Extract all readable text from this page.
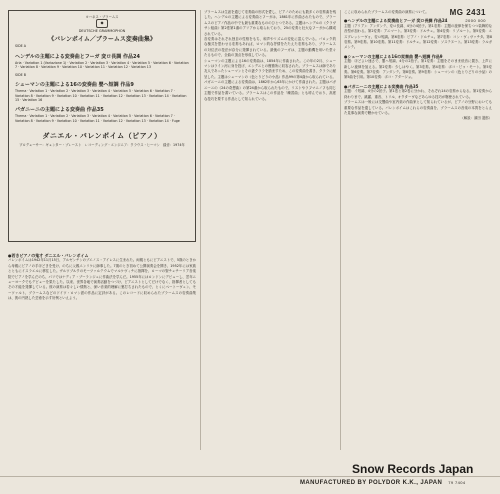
MG 2431
2000 000
ヨハネス・ブラームス
◆
DEUTSCHE GRAMMOPHON
《バレンボイム／ブラームス変奏曲集》
SIDE A
ヘンデルの主題による変奏曲とフーガ 変ロ長調 作品24
Aria · Variation 1 (Variazione 1) · Variation 2 · Variation 3 · Variation 4 · Variation 5 · Variation 6 · Variation 7 · Variation 8 · Variation 9 · Variation 10 · Variation 11 · Variation 12 · Variation 13
SIDE B
シューマンの主題による16の変奏曲 嬰ヘ短調 作品9
Thema · Variation 1 · Variation 2 · Variation 3 · Variation 4 · Variation 5 · Variation 6 · Variation 7 · Variation 8 · Variation 9 · Variation 10 · Variation 11 · Variation 12 · Variation 13 · Variation 14 · Variation 15 · Variation 16
パガニーニの主題による変奏曲 作品35
Thema · Variation 1 · Variation 2 · Variation 3 · Variation 4 · Variation 5 · Variation 6 · Variation 7 · Variation 8 · Variation 9 · Variation 10 · Variation 11 · Variation 12 · Variation 13 · Variation 14 · Fuge
ダニエル・バレンボイム（ピアノ）
プロデューサー：ギュンター・ブレースト　レコーディング・エンジニア：クラウス・ヒーマン　録音：1974年

●若きピアノの鬼才 ダニエル・バレンボイム

バレンボイムは1942年11月15日、アルゼンチンのブエノス・アイレスに生まれた。両親ともにピアニストで、5歳のときから母親にピアノの手ほどきを受け、のちに父親エンリケに師事した。7歳のとき初めて公開演奏会を開き、1952年には家族とともにイスラエルに移住した。ザルツブルクのモーツァルテウムでマルケヴィチに指揮を、ローマの聖チェチーリア音楽院でピアノを学んだのち、パリではナディア・ブーランジェに作曲法を学んだ。1955年にはロンドンにデビューし、翌年ニューヨークでもデビューを果たした。以来、世界各地で演奏活動をつづけ、ピアニストとしてだけでなく、指揮者としてもその才能を発揮している。彼の演奏は若々しい情熱と、深い音楽的理解に裏打ちされたもので、とくにベートーヴェン、モーツァルト、ブラームスなどのドイツ・ロマン派の作品に定評がある。このレコードに収められたブラームスの変奏曲集は、彼の円熟した芸術を示す好例といえよう。

ブラームスは生涯を通じて変奏曲の形式を愛し、ピアノのためにも数多くの変奏曲を残した。ヘンデルの主題による変奏曲とフーガは、1861年に作曲されたもので、ブラームスのピアノ作品の中でも最も重要なもののひとつである。主題はヘンデルの《クラヴサン組曲》第2巻第1番のアリアから取られており、25の変奏と壮大なフーガから構成されている。

各変奏はそれぞれ独自の性格をもち、和声やリズムの変化に富んでいる。バロック的な様式を思わせる変奏もあれば、ロマン的な抒情をたたえた変奏もあり、ブラームスの対位法の技法が存分に発揮されている。最後のフーガは、主題の動機を用いた堂々たるもので、全曲の頂点を形成している。

シューマンの主題による16の変奏曲は、1854年に作曲された。この年の2月、シューマンはライン河に身を投げ、エンデニヒの療養所に収容された。ブラームスは師であり友人であったシューマンとその妻クララを励ますため、この変奏曲を書き、クララに献呈した。主題はシューマンの《色とりどりの小品》作品99の第4曲から取られている。

パガニーニの主題による変奏曲は、1862年から63年にかけて作曲された。主題はパガニーニの《24の奇想曲》の第24番から取られたもので、リストやラフマニノフも同じ主題で作品を書いている。ブラームスはこの作品を「練習曲」とも呼んでおり、高度な技巧を要する作品として知られている。

ここに収められたブラームスの変奏曲の演奏について。

●ヘンデルの主題による変奏曲とフーガ 変ロ長調 作品24

主題（アリア）：アンダンテ、変ロ長調、4分の4拍子。第1変奏：主題の旋律を保ちつつ装飾的な音型が加わる。第2変奏：アニマート。第3変奏：ドルチェ。第4変奏：リゾルート。第5変奏：エスプレッシーヴォ、変ロ短調。第6変奏：ピアノ・ドルチェ。第7変奏：コン・ヴィヴァチタ。第8変奏。第9変奏。第10変奏。第11変奏：ドルチェ。第12変奏：ソステヌート。第13変奏：ラルガメンテ。

●シューマンの主題による16の変奏曲 嬰ヘ短調 作品9

主題：ほどよい速さで、嬰ヘ短調、4分の2拍子。第1変奏：主題をそのまま低音に置き、上声に新しい旋律を加える。第2変奏：少しはやく。第3変奏。第4変奏：ポコ・ピゥ・モート。第5変奏。第6変奏。第7変奏：アンダンテ。第8変奏。第9変奏：シューマンの《色とりどりの小品》の第5曲を引用。第10変奏：ポコ・アダージョ。

●パガニーニの主題による変奏曲 作品35

主題：イ短調、4分の2拍子。第1巻と第2巻に分かれ、それぞれ14の変奏からなる。第1変奏から終わりまで、跳躍、重音、トリル、オクターヴなどあらゆる技巧が駆使されている。

ブラームスは一般には交響曲や室内楽の作曲家として知られているが、ピアノの分野においても重要な作品を遺している。バレンボイムはこれらの変奏曲を、ブラームスの音楽の本質をとらえた見事な演奏で聴かせている。

（解説：濱田 滋郎）

Snow Records Japan
MANUFACTURED BY POLYDOR K.K., JAPAN 79 7404
